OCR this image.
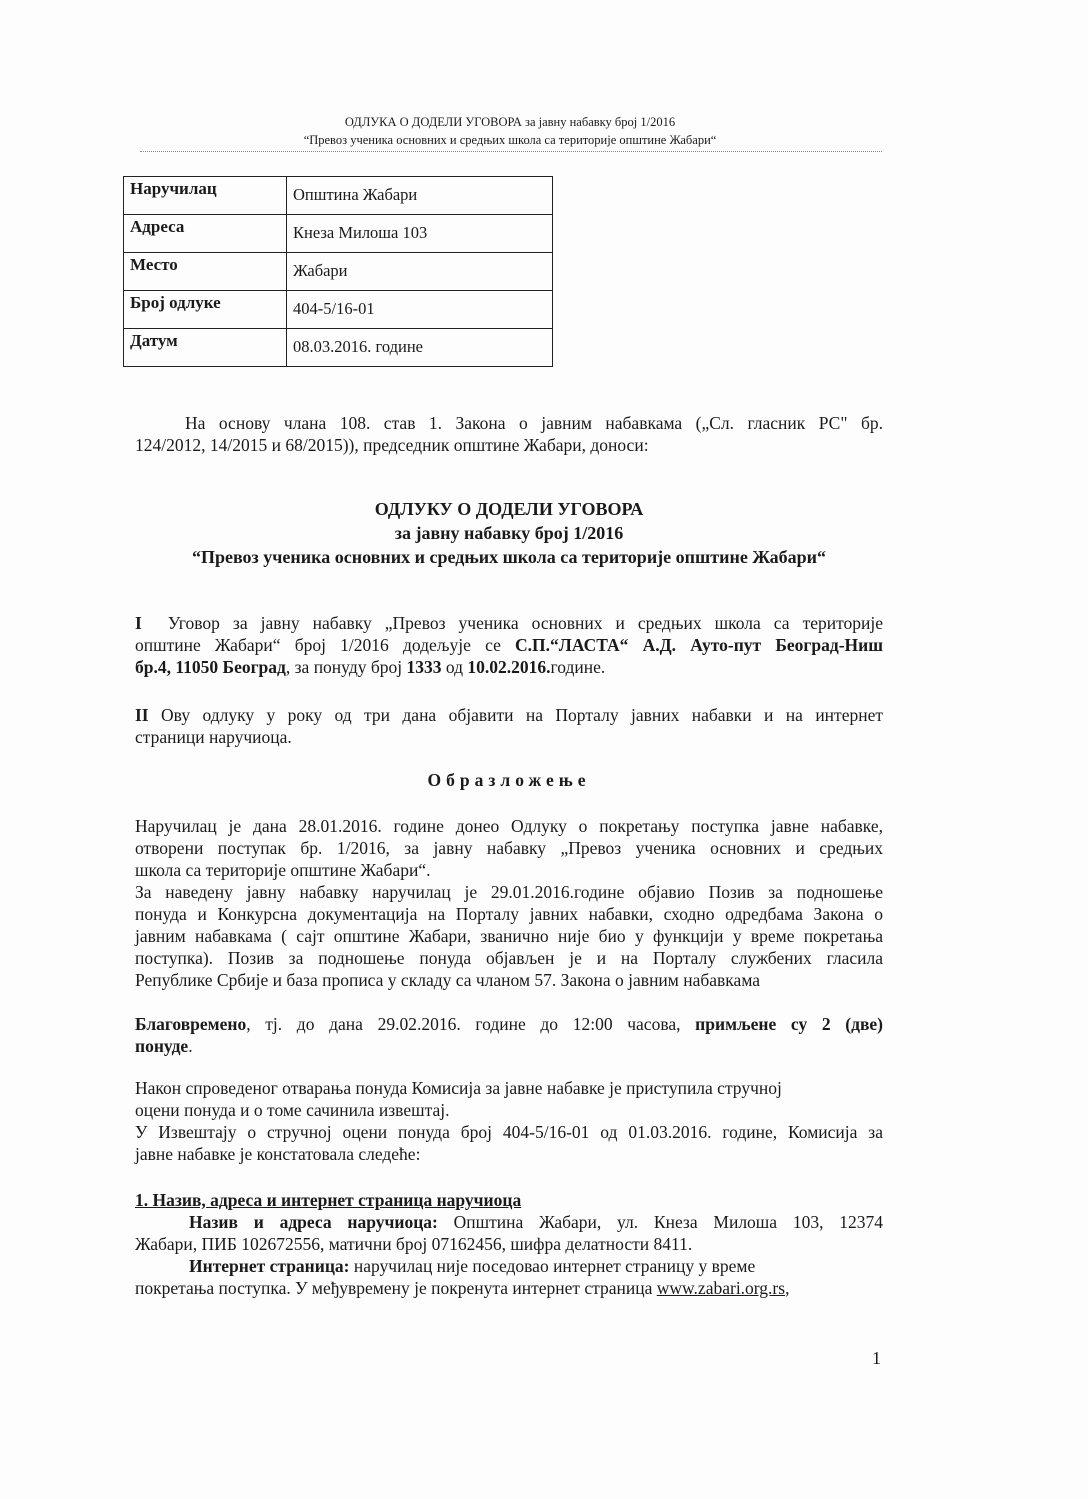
ОДЛУКА О ДОДЕЛИ УГОВОРА за јавну набавку број 1/2016
“Превоз ученика основних и средњих школа са територије општине Жабари“
Наручилац	Општина Жабари
Адреса	Кнеза Милоша 103
Место	Жабари
Број одлуке	404-5/16-01
Датум	08.03.2016. године
На основу члана 108. став 1. Закона о јавним набавкама („Сл. гласник РС" бр.
124/2012, 14/2015 и 68/2015)), председник општине Жабари, доноси:
ОДЛУКУ О ДОДЕЛИ УГОВОРА
за јавну набавку број 1/2016
“Превоз ученика основних и средњих школа са територије општине Жабари“
I Уговор за јавну набавку „Превоз ученика основних и средњих школа са територије
општине Жабари“ број 1/2016 додељује се С.П.“ЛАСТА“ А.Д. Ауто-пут Београд-Ниш
бр.4, 11050 Београд, за понуду број 1333 од 10.02.2016.године.
II Ову одлуку у року од три дана објавити на Порталу јавних набавки и на интернет
страници наручиоца.
Образложење
Наручилац је дана 28.01.2016. године донео Одлуку о покретању поступка јавне набавке,
отворени поступак бр. 1/2016, за јавну набавку „Превоз ученика основних и средњих
школа са територије општине Жабари“.
За наведену јавну набавку наручилац је 29.01.2016.године објавио Позив за подношење
понуда и Конкурсна документација на Порталу јавних набавки, сходно одредбама Закона о
јавним набавкама ( сајт општине Жабари, званично није био у функцији у време покретања
поступка). Позив за подношење понуда објављен је и на Порталу службених гласила
Републике Србије и база прописа у складу са чланом 57. Закона о јавним набавкама
Благовремено, тј. до дана 29.02.2016. године до 12:00 часова, примљене су 2 (две)
понуде.
Након спроведеног отварања понуда Комисија за јавне набавке је приступила стручној
оцени понуда и о томе сачинила извештај.
У Извештају о стручној оцени понуда број 404-5/16-01 од 01.03.2016. године, Комисија за
јавне набавке је констатовала следеће:
1. Назив, адреса и интернет страница наручиоца
Назив и адреса наручиоца: Општина Жабари, ул. Кнеза Милоша 103, 12374
Жабари, ПИБ 102672556, матични број 07162456, шифра делатности 8411.
Интернет страница: наручилац није поседовао интернет страницу у време
покретања поступка. У међувремену је покренута интернет страница www.zabari.org.rs,
1
